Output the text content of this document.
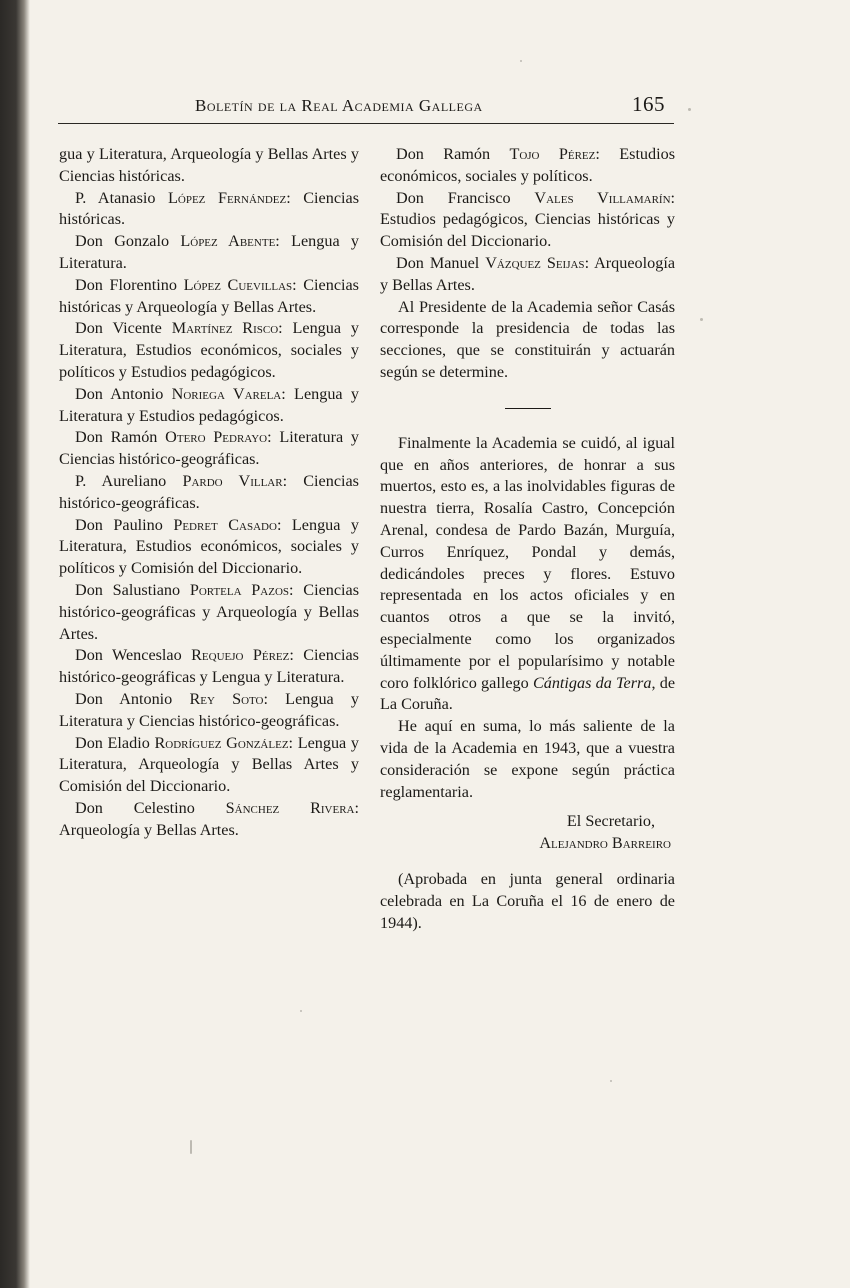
Boletín de la Real Academia Gallega	165

gua y Literatura, Arqueología y Bellas Artes y Ciencias históricas.

P. Atanasio López Fernández: Ciencias históricas.

Don Gonzalo López Abente: Lengua y Literatura.

Don Florentino López Cuevillas: Ciencias históricas y Arqueología y Bellas Artes.

Don Vicente Martínez Risco: Lengua y Literatura, Estudios económicos, sociales y políticos y Estudios pedagógicos.

Don Antonio Noriega Varela: Lengua y Literatura y Estudios pedagógicos.

Don Ramón Otero Pedrayo: Literatura y Ciencias histórico-geográficas.

P. Aureliano Pardo Villar: Ciencias histórico-geográficas.

Don Paulino Pedret Casado: Lengua y Literatura, Estudios económicos, sociales y políticos y Comisión del Diccionario.

Don Salustiano Portela Pazos: Ciencias histórico-geográficas y Arqueología y Bellas Artes.

Don Wenceslao Requejo Pérez: Ciencias histórico-geográficas y Lengua y Literatura.

Don Antonio Rey Soto: Lengua y Literatura y Ciencias histórico-geográficas.

Don Eladio Rodríguez González: Lengua y Literatura, Arqueología y Bellas Artes y Comisión del Diccionario.

Don Celestino Sánchez Rivera: Arqueología y Bellas Artes.

Don Ramón Tojo Pérez: Estudios económicos, sociales y políticos.

Don Francisco Vales Villamarín: Estudios pedagógicos, Ciencias históricas y Comisión del Diccionario.

Don Manuel Vázquez Seijas: Arqueología y Bellas Artes.

Al Presidente de la Academia señor Casás corresponde la presidencia de todas las secciones, que se constituirán y actuarán según se determine.

Finalmente la Academia se cuidó, al igual que en años anteriores, de honrar a sus muertos, esto es, a las inolvidables figuras de nuestra tierra, Rosalía Castro, Concepción Arenal, condesa de Pardo Bazán, Murguía, Curros Enríquez, Pondal y demás, dedicándoles preces y flores. Estuvo representada en los actos oficiales y en cuantos otros a que se la invitó, especialmente como los organizados últimamente por el popularísimo y notable coro folklórico gallego Cántigas da Terra, de La Coruña.

He aquí en suma, lo más saliente de la vida de la Academia en 1943, que a vuestra consideración se expone según práctica reglamentaria.

El Secretario,

Alejandro Barreiro

(Aprobada en junta general ordinaria celebrada en La Coruña el 16 de enero de 1944).
